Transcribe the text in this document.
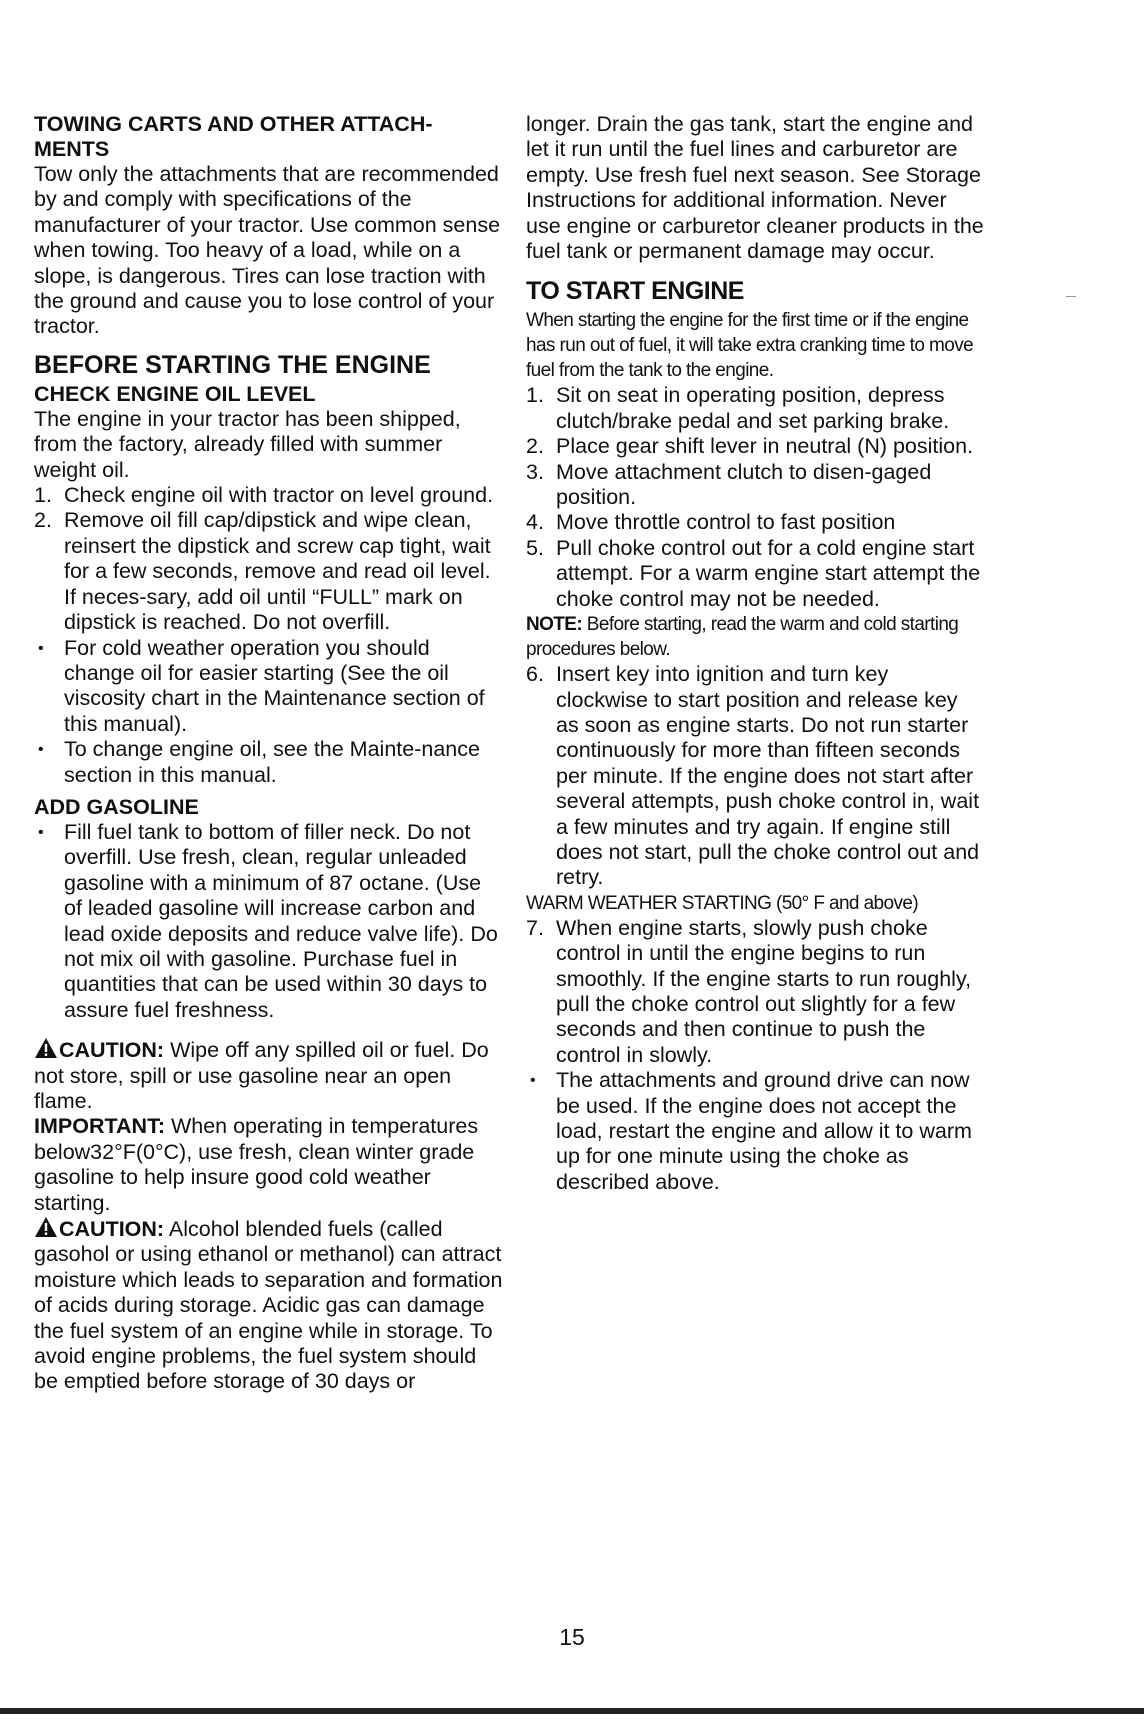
TOWING CARTS AND OTHER ATTACH-MENTS

Tow only the attachments that are recommended by and comply with specifications of the manufacturer of your tractor. Use common sense when towing. Too heavy of a load, while on a slope, is dangerous. Tires can lose traction with the ground and cause you to lose control of your tractor.

BEFORE STARTING THE ENGINE

CHECK ENGINE OIL LEVEL

The engine in your tractor has been shipped, from the factory, already filled with summer weight oil.

1. Check engine oil with tractor on level ground.
2. Remove oil fill cap/dipstick and wipe clean, reinsert the dipstick and screw cap tight, wait for a few seconds, remove and read oil level. If neces-sary, add oil until “FULL” mark on dipstick is reached. Do not overfill.
• For cold weather operation you should change oil for easier starting (See the oil viscosity chart in the Maintenance section of this manual).
• To change engine oil, see the Mainte-nance section in this manual.

ADD GASOLINE

• Fill fuel tank to bottom of filler neck. Do not overfill. Use fresh, clean, regular unleaded gasoline with a minimum of 87 octane. (Use of leaded gasoline will increase carbon and lead oxide deposits and reduce valve life). Do not mix oil with gasoline. Purchase fuel in quantities that can be used within 30 days to assure fuel freshness.

CAUTION: Wipe off any spilled oil or fuel. Do not store, spill or use gasoline near an open flame.

IMPORTANT: When operating in temperatures below32°F(0°C), use fresh, clean winter grade gasoline to help insure good cold weather starting.

CAUTION: Alcohol blended fuels (called gasohol or using ethanol or methanol) can attract moisture which leads to separation and formation of acids during storage. Acidic gas can damage the fuel system of an engine while in storage. To avoid engine problems, the fuel system should be emptied before storage of 30 days or

longer. Drain the gas tank, start the engine and let it run until the fuel lines and carburetor are empty. Use fresh fuel next season. See Storage Instructions for additional information. Never use engine or carburetor cleaner products in the fuel tank or permanent damage may occur.

TO START ENGINE

When starting the engine for the first time or if the engine has run out of fuel, it will take extra cranking time to move fuel from the tank to the engine.

1. Sit on seat in operating position, depress clutch/brake pedal and set parking brake.
2. Place gear shift lever in neutral (N) position.
3. Move attachment clutch to disen-gaged position.
4. Move throttle control to fast position
5. Pull choke control out for a cold engine start attempt. For a warm engine start attempt the choke control may not be needed.

NOTE: Before starting, read the warm and cold starting procedures below.

6. Insert key into ignition and turn key clockwise to start position and release key as soon as engine starts. Do not run starter continuously for more than fifteen seconds per minute. If the engine does not start after several attempts, push choke control in, wait a few minutes and try again. If engine still does not start, pull the choke control out and retry.

WARM WEATHER STARTING (50° F and above)

7. When engine starts, slowly push choke control in until the engine begins to run smoothly. If the engine starts to run roughly, pull the choke control out slightly for a few seconds and then continue to push the control in slowly.
• The attachments and ground drive can now be used. If the engine does not accept the load, restart the engine and allow it to warm up for one minute using the choke as described above.
15
